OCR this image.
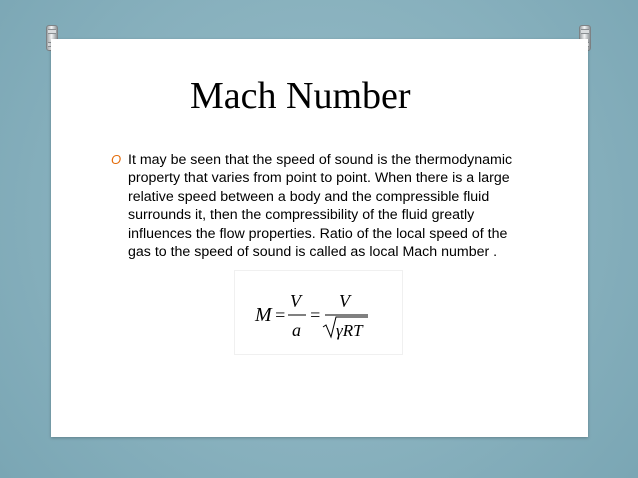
Mach Number
O It may be seen that the speed of sound is the thermodynamic property that varies from point to point. When there is a large relative speed between a body and the compressible fluid surrounds it, then the compressibility of the fluid greatly influences the flow properties. Ratio of the local speed of the gas to the speed of sound is called as local Mach number .
M =
V
a
=
V
γRT
